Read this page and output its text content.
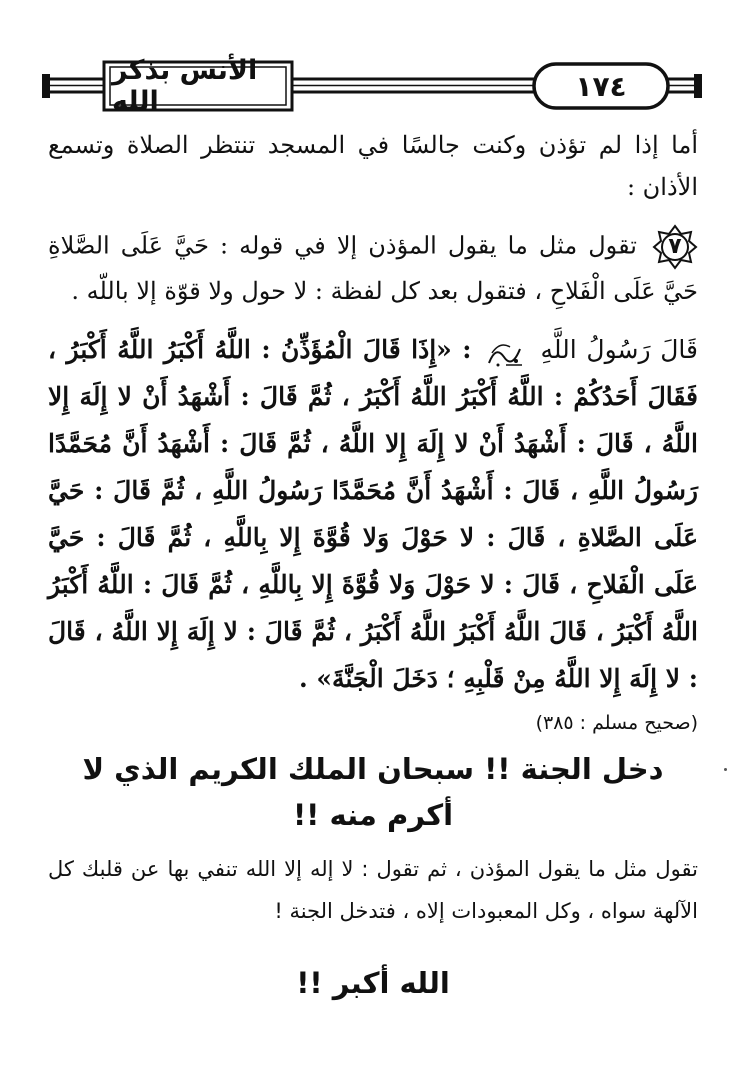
الأنس بذكر الله	١٧٤

أما إذا لم تؤذن وكنت جالسًا في المسجد تنتظر الصلاة وتسمع الأذان :

٧
تقول مثل ما يقول المؤذن إلا في قوله : حَيَّ عَلَى الصَّلاةِ حَيَّ عَلَى الْفَلاحِ ، فتقول بعد كل لفظة : لا حول ولا قوّة إلا باللّه .

قَالَ رَسُولُ اللَّهِ  : «إِذَا قَالَ الْمُؤَذِّنُ : اللَّهُ أَكْبَرُ اللَّهُ أَكْبَرُ ، فَقَالَ أَحَدُكُمْ : اللَّهُ أَكْبَرُ اللَّهُ أَكْبَرُ ، ثُمَّ قَالَ : أَشْهَدُ أَنْ لا إِلَهَ إِلا اللَّهُ ، قَالَ : أَشْهَدُ أَنْ لا إِلَهَ إِلا اللَّهُ ، ثُمَّ قَالَ : أَشْهَدُ أَنَّ مُحَمَّدًا رَسُولُ اللَّهِ ، قَالَ : أَشْهَدُ أَنَّ مُحَمَّدًا رَسُولُ اللَّهِ ، ثُمَّ قَالَ : حَيَّ عَلَى الصَّلاةِ ، قَالَ : لا حَوْلَ وَلا قُوَّةَ إِلا بِاللَّهِ ، ثُمَّ قَالَ : حَيَّ عَلَى الْفَلاحِ ، قَالَ : لا حَوْلَ وَلا قُوَّةَ إِلا بِاللَّهِ ، ثُمَّ قَالَ : اللَّهُ أَكْبَرُ اللَّهُ أَكْبَرُ ، قَالَ اللَّهُ أَكْبَرُ اللَّهُ أَكْبَرُ ، ثُمَّ قَالَ : لا إِلَهَ إِلا اللَّهُ ، قَالَ : لا إِلَهَ إِلا اللَّهُ مِنْ قَلْبِهِ ؛ دَخَلَ الْجَنَّةَ» .

(صحيح مسلم : ٣٨٥)

دخل الجنة !! سبحان الملك الكريم الذي لا أكرم منه !!

تقول مثل ما يقول المؤذن ، ثم تقول : لا إله إلا الله تنفي بها عن قلبك كل الآلهة سواه ، وكل المعبودات إلاه ، فتدخل الجنة !

الله أكبر !!
